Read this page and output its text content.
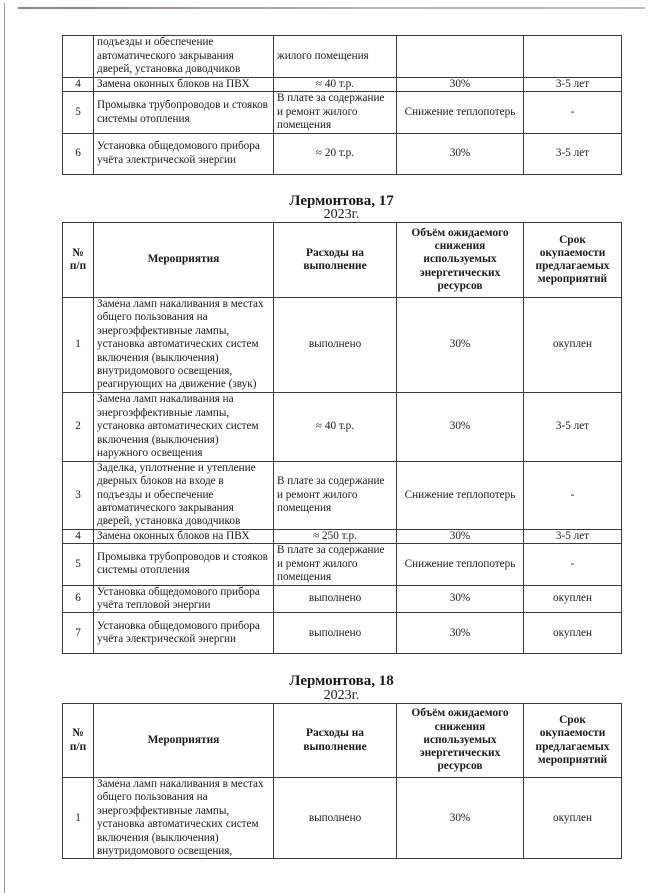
	подъезды и обеспечение автоматического закрывания дверей, установка доводчиков	жилого помещения		
4	Замена оконных блоков на ПВХ	≈ 40 т.р.	30%	3-5 лет
5	Промывка трубопроводов и стояков системы отопления	В плате за содержание и ремонт жилого помещения	Снижение теплопотерь	-
6	Установка общедомового прибора учёта электрической энергии	≈ 20 т.р.	30%	3-5 лет
Лермонтова, 17
2023г.
№ п/п	Мероприятия	Расходы на выполнение	Объём ожидаемого снижения используемых энергетических ресурсов	Срок окупаемости предлагаемых мероприятий
1	Замена ламп накаливания в местах общего пользования на энергоэффективные лампы, установка автоматических систем включения (выключения) внутридомового освещения, реагирующих на движение (звук)	выполнено	30%	окуплен
2	Замена ламп накаливания на энергоэффективные лампы, установка автоматических систем включения (выключения) наружного освещения	≈ 40 т.р.	30%	3-5 лет
3	Заделка, уплотнение и утепление дверных блоков на входе в подъезды и обеспечение автоматического закрывания дверей, установка доводчиков	В плате за содержание и ремонт жилого помещения	Снижение теплопотерь	-
4	Замена оконных блоков на ПВХ	≈ 250 т.р.	30%	3-5 лет
5	Промывка трубопроводов и стояков системы отопления	В плате за содержание и ремонт жилого помещения	Снижение теплопотерь	-
6	Установка общедомового прибора учёта тепловой энергии	выполнено	30%	окуплен
7	Установка общедомового прибора учёта электрической энергии	выполнено	30%	окуплен
Лермонтова, 18
2023г.
№ п/п	Мероприятия	Расходы на выполнение	Объём ожидаемого снижения используемых энергетических ресурсов	Срок окупаемости предлагаемых мероприятий
1	Замена ламп накаливания в местах общего пользования на энергоэффективные лампы, установка автоматических систем включения (выключения) внутридомового освещения,	выполнено	30%	окуплен
